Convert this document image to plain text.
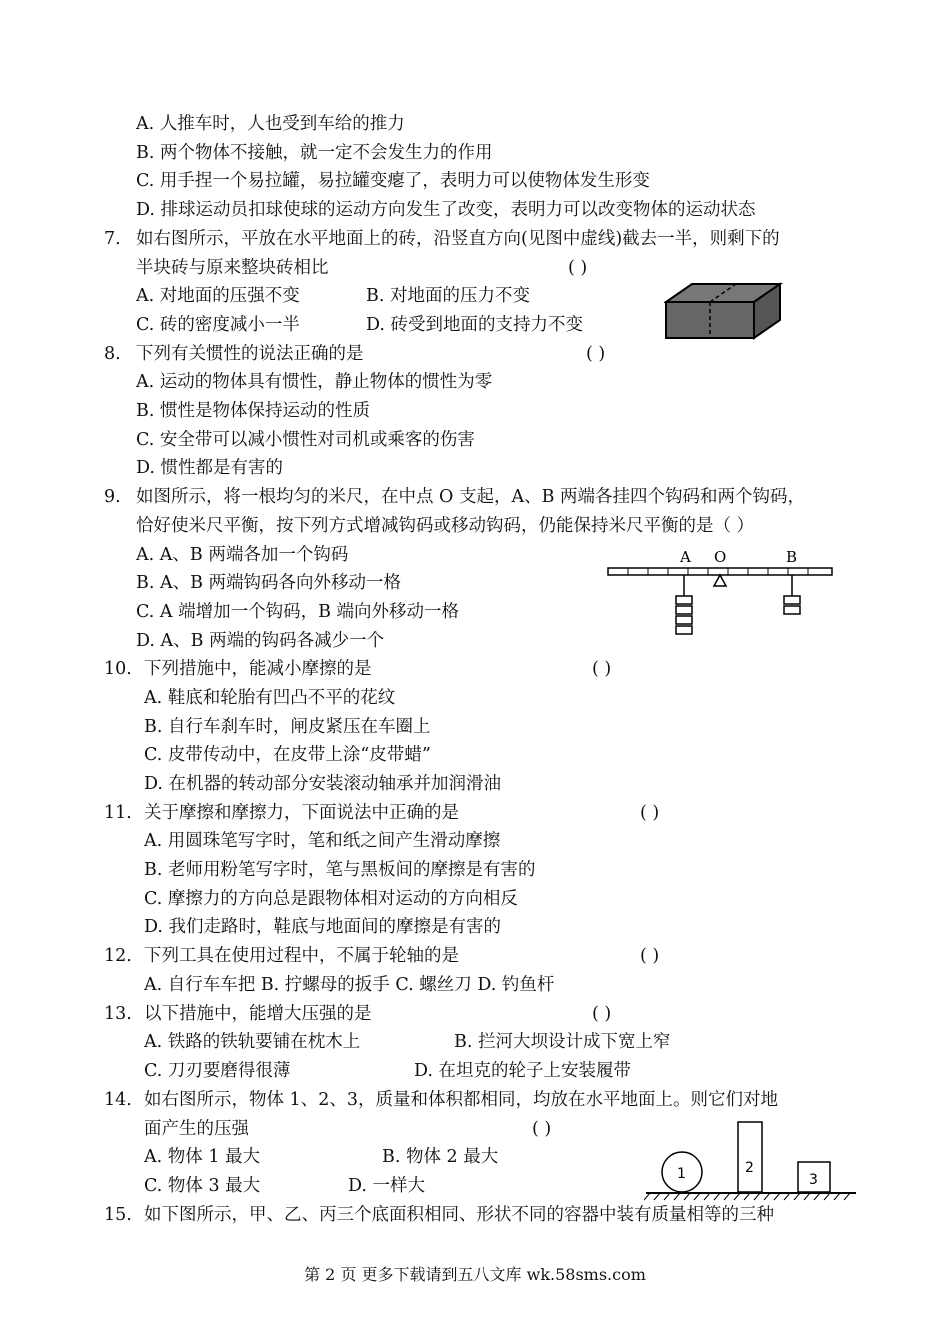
A. 人推车时，人也受到车给的推力
B. 两个物体不接触，就一定不会发生力的作用
C. 用手捏一个易拉罐，易拉罐变瘪了，表明力可以使物体发生形变
D. 排球运动员扣球使球的运动方向发生了改变，表明力可以改变物体的运动状态
7. 如右图所示，平放在水平地面上的砖，沿竖直方向(见图中虚线)截去一半，则剩下的
半块砖与原来整块砖相比	( )
A. 对地面的压强不变	B. 对地面的压力不变
C. 砖的密度减小一半	D. 砖受到地面的支持力不变
8. 下列有关惯性的说法正确的是	( )
A. 运动的物体具有惯性，静止物体的惯性为零
B. 惯性是物体保持运动的性质
C. 安全带可以减小惯性对司机或乘客的伤害
D. 惯性都是有害的
9. 如图所示，将一根均匀的米尺，在中点 O 支起，A、B 两端各挂四个钩码和两个钩码，
恰好使米尺平衡，按下列方式增减钩码或移动钩码，仍能保持米尺平衡的是（ ）
A. A、B 两端各加一个钩码
B. A、B 两端钩码各向外移动一格
C. A 端增加一个钩码，B 端向外移动一格
D. A、B 两端的钩码各减少一个
A O	B
10. 下列措施中，能减小摩擦的是	( )
A. 鞋底和轮胎有凹凸不平的花纹
B. 自行车刹车时，闸皮紧压在车圈上
C. 皮带传动中，在皮带上涂“皮带蜡”
D. 在机器的转动部分安装滚动轴承并加润滑油
11. 关于摩擦和摩擦力，下面说法中正确的是	( )
A. 用圆珠笔写字时，笔和纸之间产生滑动摩擦
B. 老师用粉笔写字时，笔与黑板间的摩擦是有害的
C. 摩擦力的方向总是跟物体相对运动的方向相反
D. 我们走路时，鞋底与地面间的摩擦是有害的
12. 下列工具在使用过程中，不属于轮轴的是	( )
A. 自行车车把 B. 拧螺母的扳手 C. 螺丝刀 D. 钓鱼杆
13. 以下措施中，能增大压强的是	( )
A. 铁路的铁轨要铺在枕木上	B. 拦河大坝设计成下宽上窄
C. 刀刃要磨得很薄	D. 在坦克的轮子上安装履带
14. 如右图所示，物体 1、2、3，质量和体积都相同，均放在水平地面上。则它们对地
面产生的压强	( )
A. 物体 1 最大	B. 物体 2 最大
C. 物体 3 最大	D. 一样大
1	2
3
15. 如下图所示，甲、乙、丙三个底面积相同、形状不同的容器中装有质量相等的三种
第 2 页 更多下载请到五八文库 wk.58sms.com
